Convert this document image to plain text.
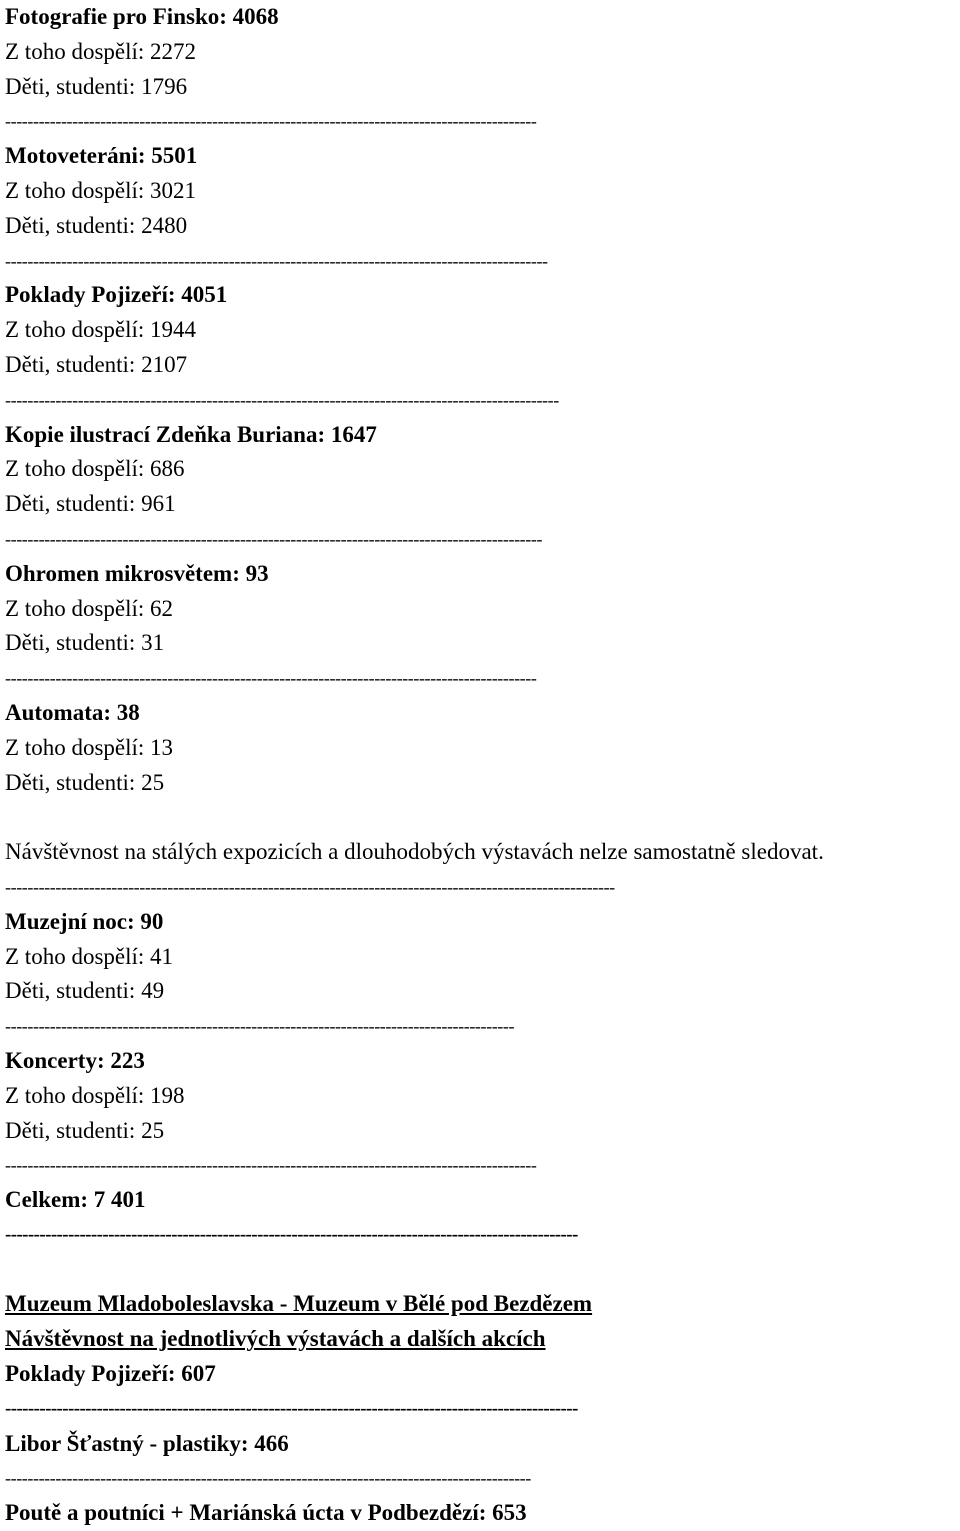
Fotografie pro Finsko: 4068
Z toho dospělí: 2272
Děti, studenti: 1796
-----------------------------------------------------------------------------------------------
Motoveteráni: 5501
Z toho dospělí: 3021
Děti, studenti: 2480
-------------------------------------------------------------------------------------------------
Poklady Pojizeří: 4051
Z toho dospělí: 1944
Děti, studenti: 2107
---------------------------------------------------------------------------------------------------
Kopie ilustrací Zdeňka Buriana: 1647
Z toho dospělí: 686
Děti, studenti: 961
------------------------------------------------------------------------------------------------
Ohromen mikrosvětem: 93
Z toho dospělí: 62
Děti, studenti: 31
-----------------------------------------------------------------------------------------------
Automata: 38
Z toho dospělí: 13
Děti, studenti: 25
Návštěvnost na stálých expozicích a dlouhodobých výstavách nelze samostatně sledovat.
-------------------------------------------------------------------------------------------------------------
Muzejní noc: 90
Z toho dospělí: 41
Děti, studenti: 49
-------------------------------------------------------------------------------------------
Koncerty: 223
Z toho dospělí: 198
Děti, studenti: 25
-----------------------------------------------------------------------------------------------
Celkem: 7 401
----------------------------------------------------------------------------------------------------
Muzeum Mladoboleslavska - Muzeum v Bělé pod Bezdězem
Návštěvnost na jednotlivých výstavách a dalších akcích
Poklady Pojizeří: 607
----------------------------------------------------------------------------------------------------
Libor Šťastný - plastiky: 466
----------------------------------------------------------------------------------------------
Poutě a poutníci + Mariánská úcta v Podbezdězí: 653
